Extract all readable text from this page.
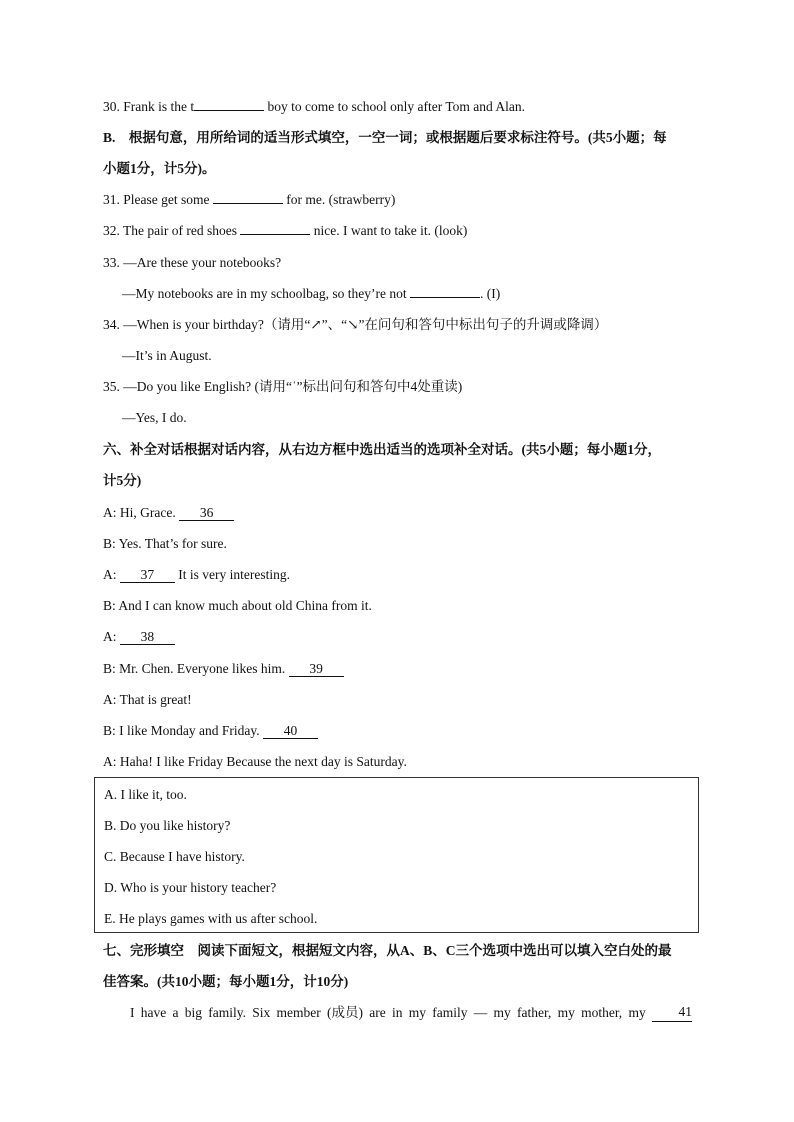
30. Frank is the t	boy to come to school only after Tom and Alan.
B. 根据句意，用所给词的适当形式填空，一空一词；或根据题后要求标注符号。(共5小题；每
小题1分，计5分)。
31. Please get some	for me. (strawberry)
32. The pair of red shoes	nice. I want to take it. (look)
33. —Are these your notebooks?
—My notebooks are in my schoolbag, so they’re not	. (I)
34. —When is your birthday?（请用“↗”、“↘”在问句和答句中标出句子的升调或降调）
—It’s in August.
35. —Do you like English? (请用“ˈ”标出问句和答句中4处重读)
—Yes, I do.
六、补全对话根据对话内容，从右边方框中选出适当的选项补全对话。(共5小题；每小题1分，
计5分)
A: Hi, Grace. 36
B: Yes. That’s for sure.
A: 37 It is very interesting.
B: And I can know much about old China from it.
A: 38
B: Mr. Chen. Everyone likes him. 39
A: That is great!
B: I like Monday and Friday. 40
A: Haha! I like Friday Because the next day is Saturday.
A. I like it, too.
B. Do you like history?
C. Because I have history.
D. Who is your history teacher?
E. He plays games with us after school.
七、完形填空　阅读下面短文，根据短文内容，从A、B、C三个选项中选出可以填入空白处的最
佳答案。(共10小题；每小题1分，计10分)
I have a big family. Six member (成员) are in my family — my father, my mother, my	41
